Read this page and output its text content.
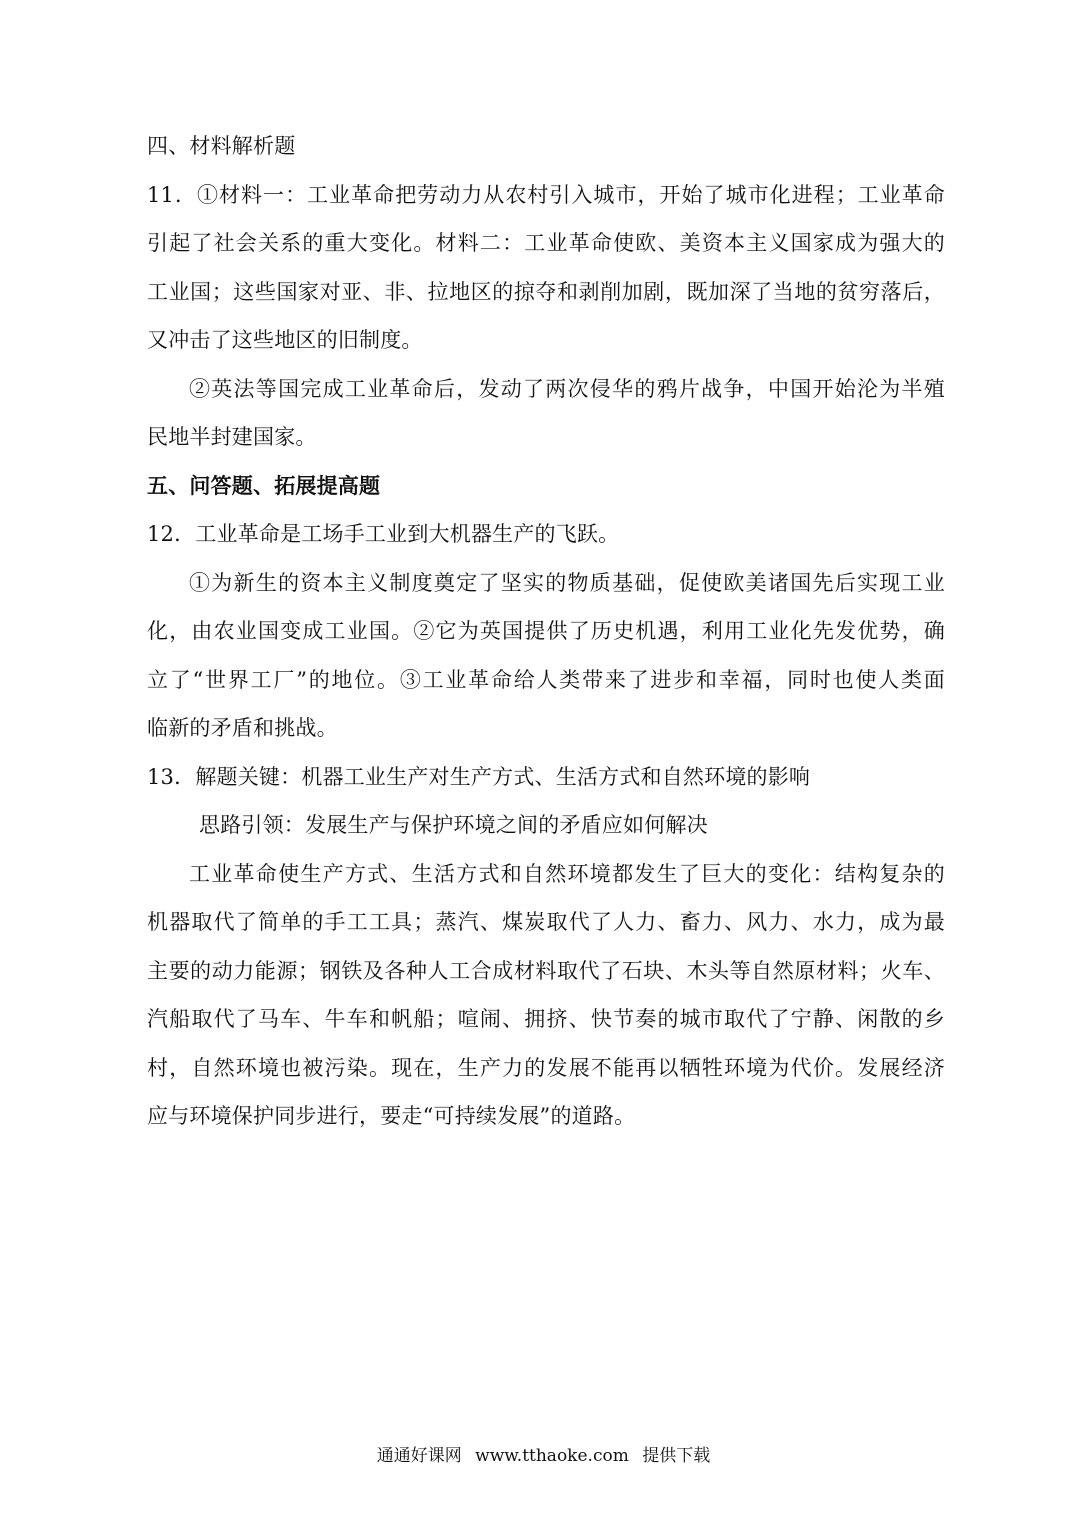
四、材料解析题
11．①材料一：工业革命把劳动力从农村引入城市，开始了城市化进程；工业革命
引起了社会关系的重大变化。材料二：工业革命使欧、美资本主义国家成为强大的
工业国；这些国家对亚、非、拉地区的掠夺和剥削加剧，既加深了当地的贫穷落后，
又冲击了这些地区的旧制度。
②英法等国完成工业革命后，发动了两次侵华的鸦片战争，中国开始沦为半殖
民地半封建国家。
五、问答题、拓展提高题
12．工业革命是工场手工业到大机器生产的飞跃。
①为新生的资本主义制度奠定了坚实的物质基础，促使欧美诸国先后实现工业
化，由农业国变成工业国。②它为英国提供了历史机遇，利用工业化先发优势，确
立了“世界工厂”的地位。③工业革命给人类带来了进步和幸福，同时也使人类面
临新的矛盾和挑战。
13．解题关键：机器工业生产对生产方式、生活方式和自然环境的影响
思路引领：发展生产与保护环境之间的矛盾应如何解决
工业革命使生产方式、生活方式和自然环境都发生了巨大的变化：结构复杂的
机器取代了简单的手工工具；蒸汽、煤炭取代了人力、畜力、风力、水力，成为最
主要的动力能源；钢铁及各种人工合成材料取代了石块、木头等自然原材料；火车、
汽船取代了马车、牛车和帆船；喧闹、拥挤、快节奏的城市取代了宁静、闲散的乡
村，自然环境也被污染。现在，生产力的发展不能再以牺牲环境为代价。发展经济
应与环境保护同步进行，要走“可持续发展”的道路。
通通好课网 www.tthaoke.com 提供下载
